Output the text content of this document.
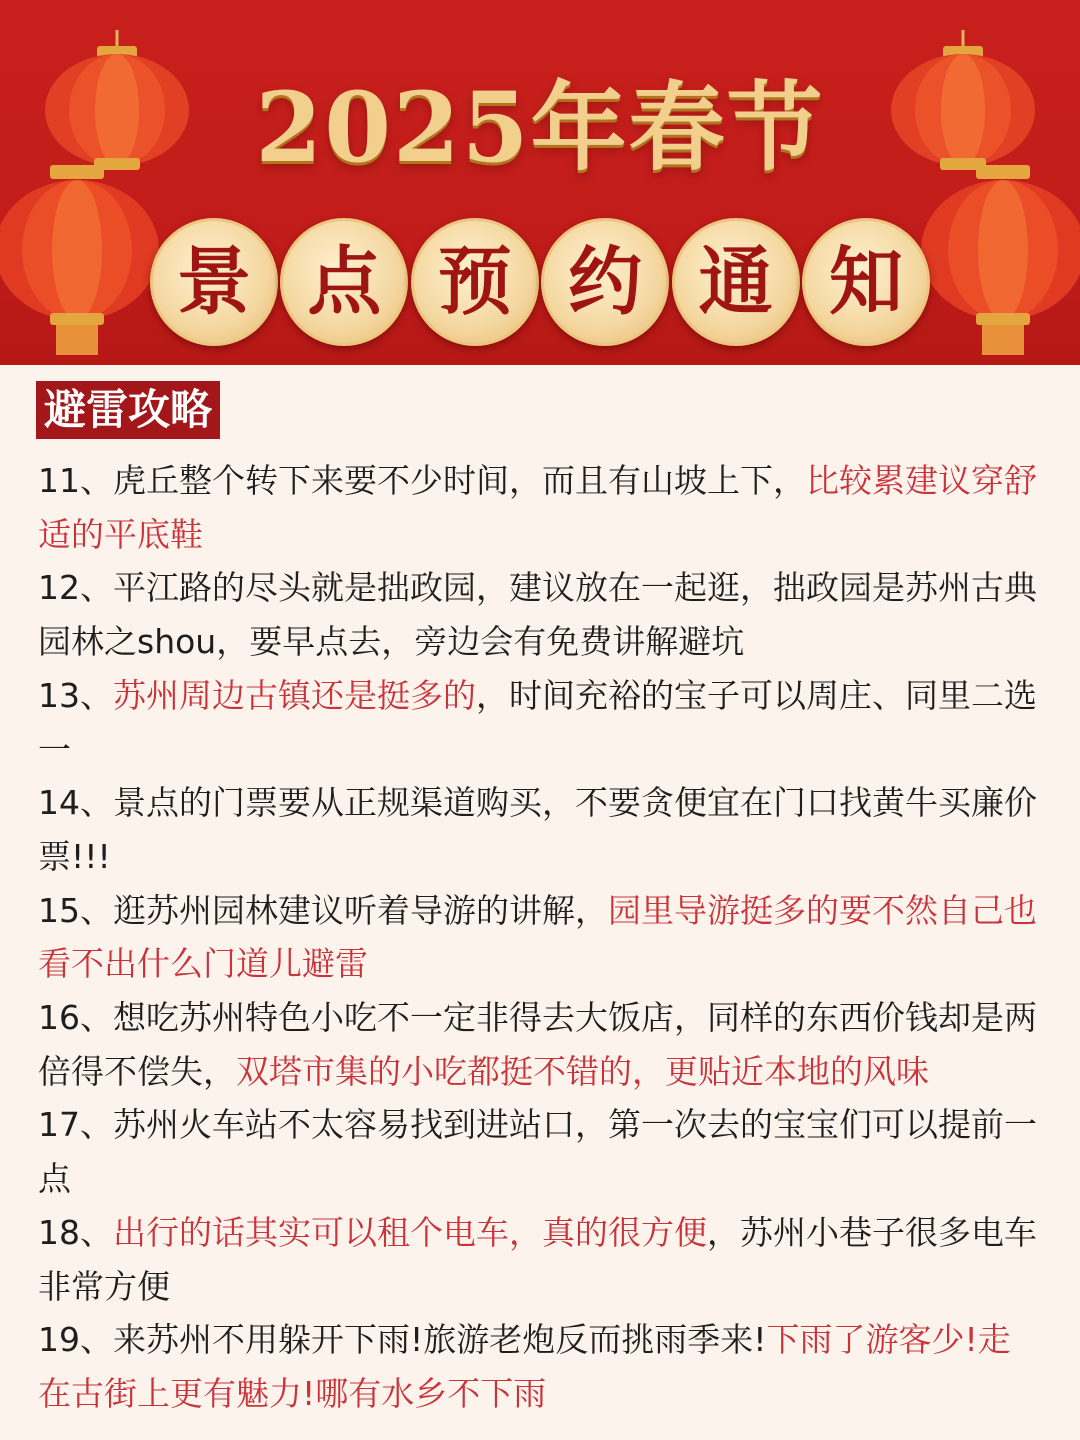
2025年春节
景 点 预 约 通 知
避雷攻略

11、虎丘整个转下来要不少时间，而且有山坡上下，比较累建议穿舒适的平底鞋

12、平江路的尽头就是拙政园，建议放在一起逛，拙政园是苏州古典园林之shou，要早点去，旁边会有免费讲解避坑

13、苏州周边古镇还是挺多的，时间充裕的宝子可以周庄、同里二选一

14、景点的门票要从正规渠道购买，不要贪便宜在门口找黄牛买廉价票!!!

15、逛苏州园林建议听着导游的讲解，园里导游挺多的要不然自己也看不出什么门道儿避雷

16、想吃苏州特色小吃不一定非得去大饭店，同样的东西价钱却是两倍得不偿失，双塔市集的小吃都挺不错的，更贴近本地的风味

17、苏州火车站不太容易找到进站口，第一次去的宝宝们可以提前一点

18、出行的话其实可以租个电车，真的很方便，苏州小巷子很多电车非常方便

19、来苏州不用躲开下雨!旅游老炮反而挑雨季来!下雨了游客少!走在古街上更有魅力!哪有水乡不下雨
